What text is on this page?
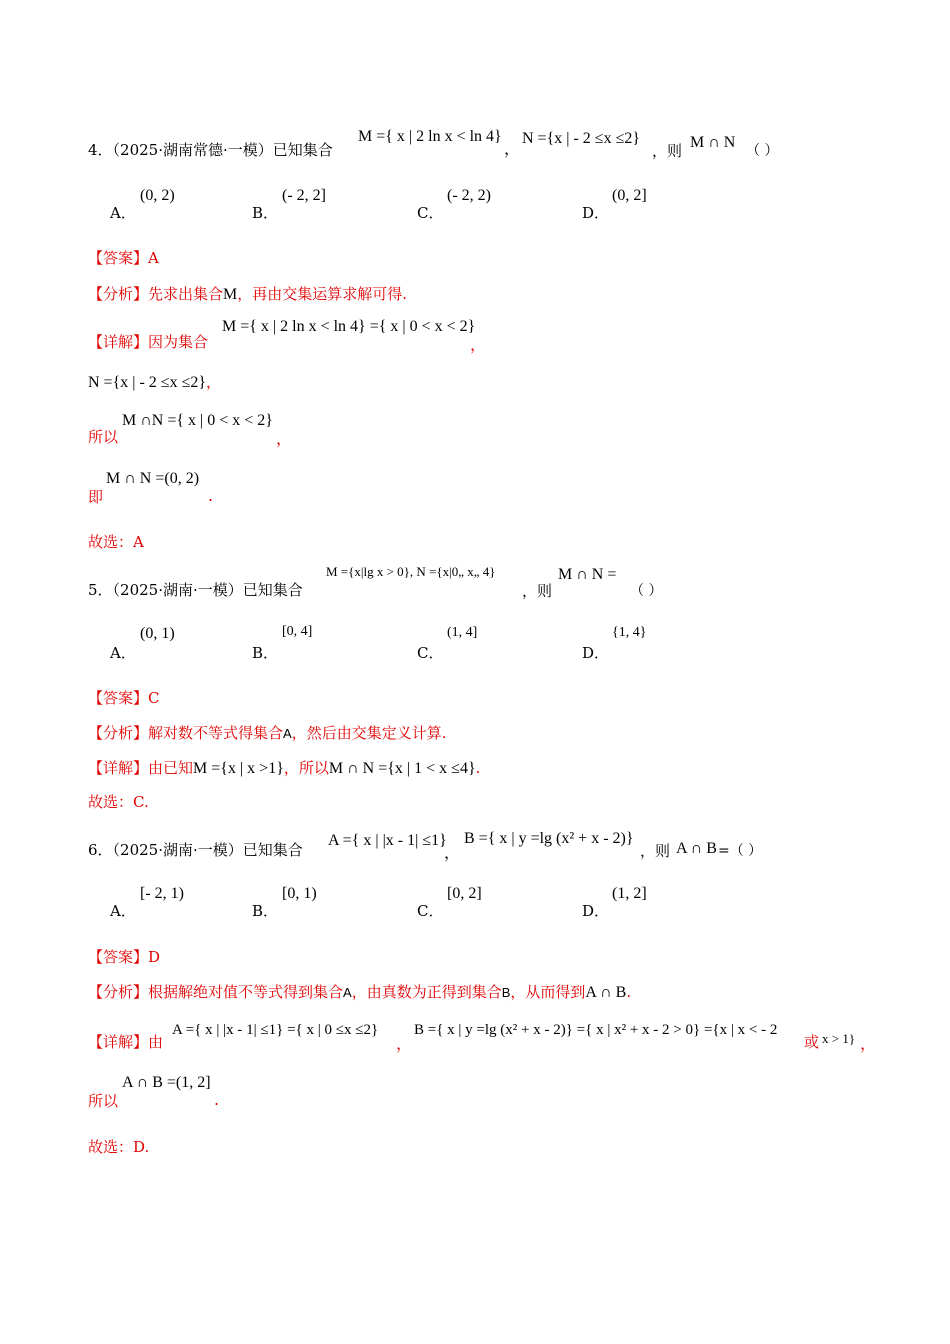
4．（2025·湖南常德·一模）已知集合
M ={ x | 2 ln x < ln 4}
，
N ={x | - 2 ≤x ≤2}
，则 M ∩ N （ ）
A．
(0, 2)
B．
(- 2, 2]
C．
(- 2, 2)
D．
(0, 2]
【答案】A
【分析】先求出集合M，再由交集运算求解可得.
【详解】因为集合
M ={ x | 2 ln x < ln 4} ={ x | 0 < x < 2}
，
N ={x | - 2 ≤x ≤2}，
所以
M ∩N ={ x | 0 < x < 2}
，
即
M ∩ N =(0, 2)
.
故选：A
5．（2025·湖南·一模）已知集合
M ={x|lg x > 0}, N ={x|0„ x„ 4}
，则
M ∩ N =
（ ）
A．
(0, 1)
B．
[0, 4]
C．
(1, 4]
D．
{1, 4}
【答案】C
【分析】解对数不等式得集合A，然后由交集定义计算.
【详解】由已知M ={x | x >1}，所以M ∩ N ={x | 1 < x ≤4}.
故选：C.
6．（2025·湖南·一模）已知集合
A ={ x | |x - 1| ≤1}
，
B ={ x | y =lg (x² + x - 2)}
，则 A ∩ B =（ ）
A．
[- 2, 1)
B．
[0, 1)
C．
[0, 2]
D．
(1, 2]
【答案】D
【分析】根据解绝对值不等式得到集合A，由真数为正得到集合B，从而得到A ∩ B.
【详解】由
A ={ x | |x - 1| ≤1} ={ x | 0 ≤x ≤2}
，
B ={ x | y =lg (x² + x - 2)} ={ x | x² + x - 2 > 0} ={x | x < - 2
或 x > 1} ，
所以
A ∩ B =(1, 2]
.
故选：D.
